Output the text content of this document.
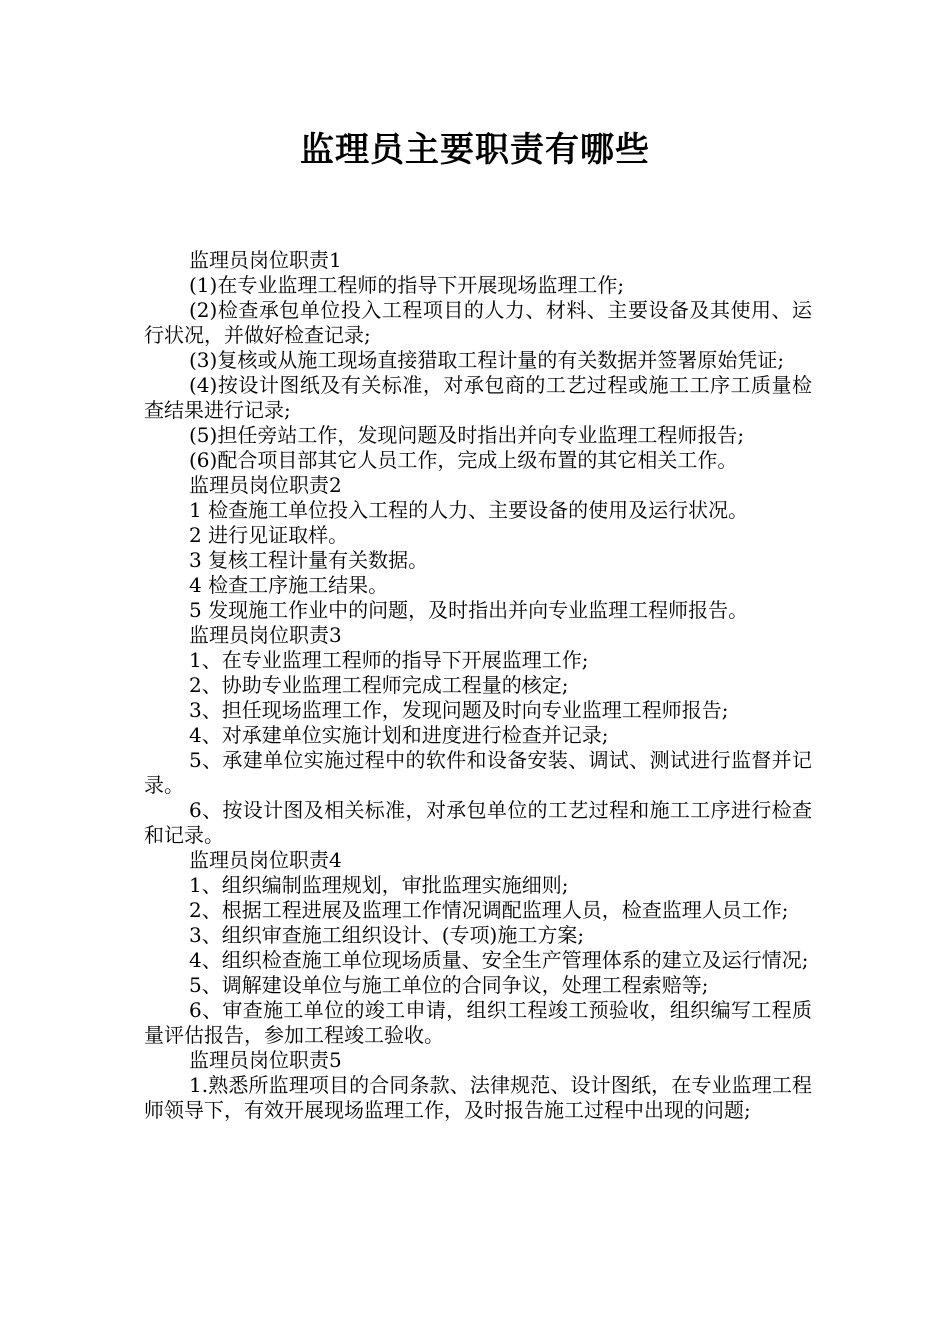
监理员主要职责有哪些

监理员岗位职责1

(1)在专业监理工程师的指导下开展现场监理工作;

(2)检查承包单位投入工程项目的人力、材料、主要设备及其使用、运行状况，并做好检查记录;

(3)复核或从施工现场直接猎取工程计量的有关数据并签署原始凭证;

(4)按设计图纸及有关标准，对承包商的工艺过程或施工工序工质量检查结果进行记录;

(5)担任旁站工作，发现问题及时指出并向专业监理工程师报告;

(6)配合项目部其它人员工作，完成上级布置的其它相关工作。

监理员岗位职责2

1 检查施工单位投入工程的人力、主要设备的使用及运行状况。

2 进行见证取样。

3 复核工程计量有关数据。

4 检查工序施工结果。

5 发现施工作业中的问题，及时指出并向专业监理工程师报告。

监理员岗位职责3

1、在专业监理工程师的指导下开展监理工作;

2、协助专业监理工程师完成工程量的核定;

3、担任现场监理工作，发现问题及时向专业监理工程师报告;

4、对承建单位实施计划和进度进行检查并记录;

5、承建单位实施过程中的软件和设备安装、调试、测试进行监督并记录。

6、按设计图及相关标准，对承包单位的工艺过程和施工工序进行检查和记录。

监理员岗位职责4

1、组织编制监理规划，审批监理实施细则;

2、根据工程进展及监理工作情况调配监理人员，检查监理人员工作;

3、组织审查施工组织设计、(专项)施工方案;

4、组织检查施工单位现场质量、安全生产管理体系的建立及运行情况;

5、调解建设单位与施工单位的合同争议，处理工程索赔等;

6、审查施工单位的竣工申请，组织工程竣工预验收，组织编写工程质量评估报告，参加工程竣工验收。

监理员岗位职责5

1.熟悉所监理项目的合同条款、法律规范、设计图纸，在专业监理工程师领导下，有效开展现场监理工作，及时报告施工过程中出现的问题;
